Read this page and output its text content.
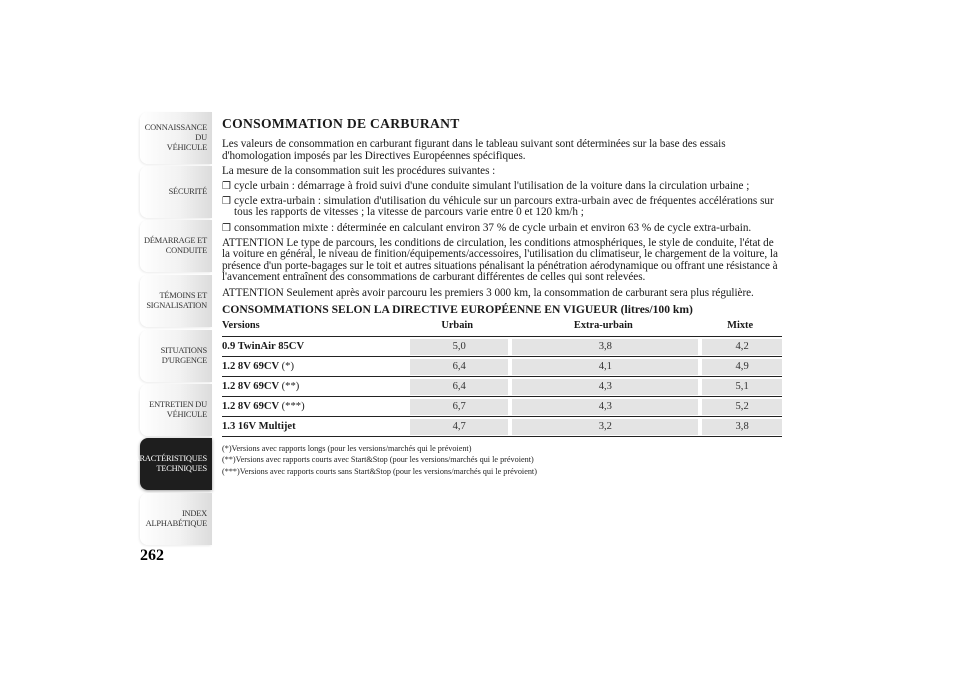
CONNAISSANCE DU
VÉHICULE
SÉCURITÉ
DÉMARRAGE ET
CONDUITE
TÉMOINS ET
SIGNALISATION
SITUATIONS
D'URGENCE
ENTRETIEN DU
VÉHICULE
CARACTÉRISTIQUES
TECHNIQUES
INDEX
ALPHABÉTIQUE
262
CONSOMMATION DE CARBURANT

Les valeurs de consommation en carburant figurant dans le tableau suivant sont déterminées sur la base des essais d'homologation imposés par les Directives Européennes spécifiques.

La mesure de la consommation suit les procédures suivantes :

❒ cycle urbain : démarrage à froid suivi d'une conduite simulant l'utilisation de la voiture dans la circulation urbaine ;

❒ cycle extra-urbain : simulation d'utilisation du véhicule sur un parcours extra-urbain avec de fréquentes accélérations sur tous les rapports de vitesses ; la vitesse de parcours varie entre 0 et 120 km/h ;

❒ consommation mixte : déterminée en calculant environ 37 % de cycle urbain et environ 63 % de cycle extra-urbain.

ATTENTION Le type de parcours, les conditions de circulation, les conditions atmosphériques, le style de conduite, l'état de la voiture en général, le niveau de finition/équipements/accessoires, l'utilisation du climatiseur, le chargement de la voiture, la présence d'un porte-bagages sur le toit et autres situations pénalisant la pénétration aérodynamique ou offrant une résistance à l'avancement entraînent des consommations de carburant différentes de celles qui sont relevées.

ATTENTION Seulement après avoir parcouru les premiers 3 000 km, la consommation de carburant sera plus régulière.

CONSOMMATIONS SELON LA DIRECTIVE EUROPÉENNE EN VIGUEUR (litres/100 km)
Versions	Urbain	Extra-urbain	Mixte
0.9 TwinAir 85CV	5,0	3,8	4,2

1.2 8V 69CV (*)	6,4	4,1	4,9

1.2 8V 69CV (**)	6,4	4,3	5,1

1.2 8V 69CV (***)	6,7	4,3	5,2

1.3 16V Multijet	4,7	3,2	3,8
(*)Versions avec rapports longs (pour les versions/marchés qui le prévoient)
(**)Versions avec rapports courts avec Start&Stop (pour les versions/marchés qui le prévoient)
(***)Versions avec rapports courts sans Start&Stop (pour les versions/marchés qui le prévoient)
